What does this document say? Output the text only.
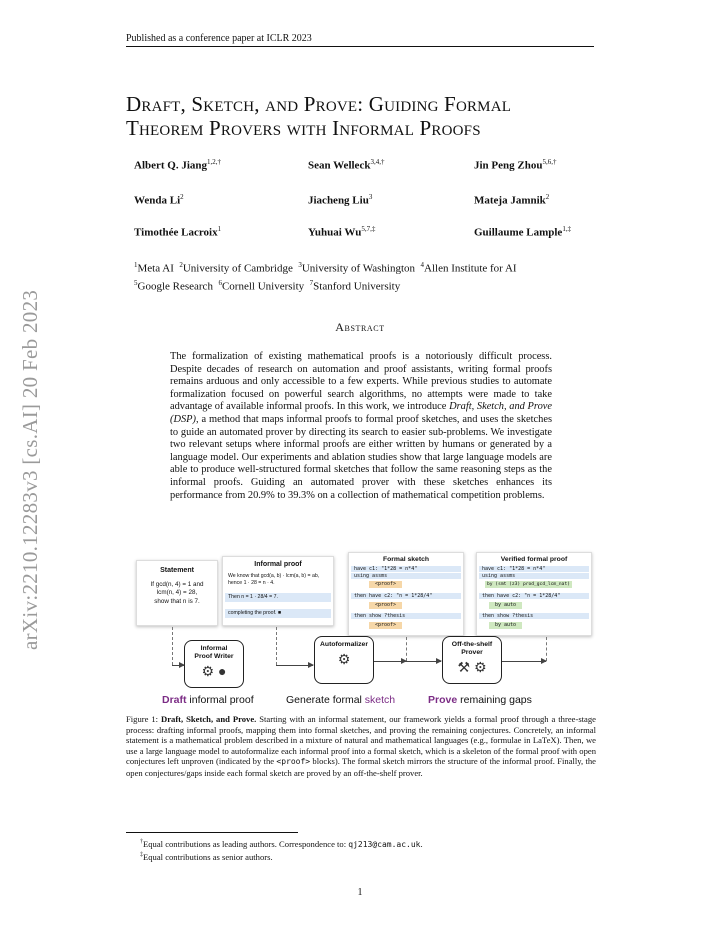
Published as a conference paper at ICLR 2023
arXiv:2210.12283v3 [cs.AI] 20 Feb 2023
Draft, Sketch, and Prove: Guiding Formal
Theorem Provers with Informal Proofs
Albert Q. Jiang$^{1,2,\dagger}$	Sean Welleck$^{3,4,\dagger}$	Jin Peng Zhou$^{5,6,\dagger}$
Wenda Li$^2$	Jiacheng Liu$^3$	Mateja Jamnik$^2$
Timothée Lacroix$^1$	Yuhuai $Wu^{5,7,\ddagger}$	Guillaume Lample$^{1,\ddagger}$
$^1$Meta AI $^2$University of Cambridge $^3$University of Washington $^4$Allen Institute for AI
$^5$Google Research $^6$Cornell University $^7$Stanford University
Abstract
The formalization of existing mathematical proofs is a notoriously difficult process. Despite decades of research on automation and proof assistants, writing formal proofs remains arduous and only accessible to a few experts. While previous studies to automate formalization focused on powerful search algorithms, no attempts were made to take advantage of available informal proofs. In this work, we introduce Draft, Sketch, and Prove (DSP), a method that maps informal proofs to formal proof sketches, and uses the sketches to guide an automated prover by directing its search to easier sub-problems. We investigate two relevant setups where informal proofs are either written by humans or generated by a language model. Our experiments and ablation studies show that large language models are able to produce well-structured formal sketches that follow the same reasoning steps as the informal proofs. Guiding an automated prover with these sketches enhances its performance from 20.9% to 39.3% on a collection of mathematical competition problems.
Statement
If gcd(n, 4) = 1 and
lcm(n, 4) = 28,
show that n is 7.
Informal proof
We know that gcd(a, b) · lcm(a, b) = ab, hence 1 · 28 = n · 4.
Then n = 1 · 28/4 = 7.
completing the proof. ■
Formal sketch
have c1: "1*28 = n*4"
using assms
<proof>
then have c2: "n = 1*28/4"
<proof>
then show ?thesis
<proof>
Verified formal proof
have c1: "1*28 = n*4"
using assms
by (smt (z3) prod_gcd_lcm_nat)
then have c2: "n = 1*28/4"
by auto
then show ?thesis
by auto
Informal
Proof Writer
⚙ ●
Autoformalizer
⚙
Off-the-shelf
Prover
⚒ ⚙
Draft informal proof	Generate formal sketch	Prove remaining gaps
Figure 1: Draft, Sketch, and Prove. Starting with an informal statement, our framework yields a formal proof through a three-stage process: drafting informal proofs, mapping them into formal sketches, and proving the remaining conjectures. Concretely, an informal statement is a mathematical problem described in a mixture of natural and mathematical languages (e.g., formulae in LaTeX). Then, we use a large language model to autoformalize each informal proof into a formal sketch, which is a skeleton of the formal proof with open conjectures left unproven (indicated by the <proof> blocks). The formal sketch mirrors the structure of the informal proof. Finally, the open conjectures/gaps inside each formal sketch are proved by an off-the-shelf prover.
†Equal contributions as leading authors. Correspondence to: qj213@cam.ac.uk.
‡Equal contributions as senior authors.
1
